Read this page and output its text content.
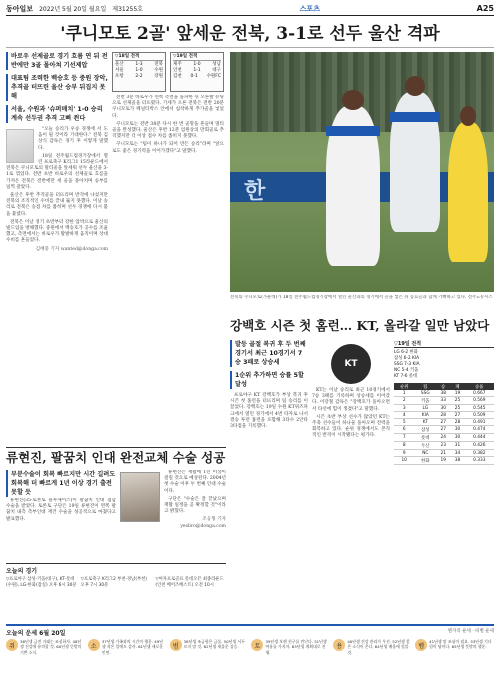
동아일보 2022년 5월 20일 월요일 제31255호	스포츠	A25
'쿠니모토 2골' 앞세운 전북, 3-1로 선두 울산 격파
바로우 선제골로 경기 흐름 연 뒤 전반에만 3골 몰아쳐 기선제압
대표팀 조력한 백승호 등 중원 장악, 추격골 터뜨린 울산 승부 뒤집지 못해
서울, 수원과 '슈퍼매치' 1-0 승리 계속 선두권 추격 고삐 죈다

"오늘 승리가 우승 경쟁에 서 도움이 될 것이라 기대한다." 전북 김상식 감독은 경기 후 이렇게 말했다.

18일 전주월드컵경기장에서 열린 프로축구 K리그1 15라운드에서 전북은 쿠니모토의 멀티골을 앞세워 선두 울산을 3-1로 꺾었다. 전반 초반 바로우의 선제골로 흐름을 가져온 전북은 전반에만 세 골을 몰아치며 승부를 일찍 갈랐다.

울산은 후반 추격골을 터뜨리며 반격에 나섰지만 전북의 조직적인 수비를 끝내 뚫지 못했다. 이날 승리로 전북은 승점 차를 좁히며 선두 경쟁에 다시 불을 붙였다.

전북은 이날 경기 초반부터 강한 압박으로 울산의 빌드업을 방해했다. 중원에서 백승호가 공수를 조율했고, 측면에서는 바로우가 활발하게 움직이며 상대 수비를 흔들었다.

김배중 기자 wanted@donga.com
▽18일 전적
울산	1-3	전북
서울	1-0	수원
포항	2-2	강원
▽19일 전적
제주	1-0	성남
인천	1-1	대구
김천 0-1 수원FC

전반 3분 바로우가 왼쪽 측면을 돌파한 뒤 오른발 슈팅으로 선제골을 터뜨렸다. 기세가 오른 전북은 전반 20분 쿠니모토가 페널티박스 안에서 침착하게 추가골을 넣었다.

쿠니모토는 전반 38분 다시 한 번 골망을 흔들며 멀티골을 완성했다. 울산은 후반 12분 엄원상의 만회골로 추격했지만 더 이상 점수 차를 좁히지 못했다.

쿠니모토는 "팀이 하나가 되어 만든 승리"라며 "앞으로도 좋은 경기력을 이어가겠다"고 말했다.

한
전북의 쿠니모토(가운데)가 18일 전주월드컵경기장에서 열린 울산과의 경기에서 골을 넣은 뒤 동료들과 함께 기뻐하고 있다. 전주=뉴시스
강백호 시즌 첫 홈런… KT, 올라갈 일만 남았다
발등 골절 복귀 후 두 번째 경기서 최근 10경기서 7승 3패로 상승세
1순위 추가하면 승률 5할 달성

프로야구 KT 강백호가 부상 복귀 후 시즌 첫 홈런을 터뜨리며 팀 승리를 이끌었다. 강백호는 19일 수원 KT위즈파크에서 열린 경기에서 4번 타자로 나서 결승 투런 홈런을 포함해 3타수 2안타 3타점을 기록했다.

KT

KT는 이날 승리로 최근 10경기에서 7승 3패를 기록하며 상승세를 이어갔다. 이강철 감독은 "강백호가 돌아오면서 타선에 힘이 생겼다"고 말했다.

시즌 초반 부상 선수가 많았던 KT는 주축 선수들이 하나둘 돌아오며 전력을 회복하고 있다. 순위 경쟁에서도 본격적인 반격이 시작됐다는 평가다.

▽19일 전적
LG 6-2 한화
삼성 6-2 KIA
SSG 7-3 KIA
NC 5-4 키움
KT 7-6 롯데
순위	팀	승	패	승률
1	SSG	38	19	0.667
2	키움	33	25	0.569
3	LG	30	25	0.545
4	KIA	28	27	0.509
5	KT	27	28	0.491
6	삼성	27	30	0.474
7	롯데	24	30	0.444
8	두산	23	31	0.426
9	NC	21	34	0.382
10	한화	19	38	0.333
류현진, 팔꿈치 인대 완전교체 수술 성공
부분수술이 회복 빠르지만 시간 길려도 회복해 더 빠르게 1년 이상 경기 출전 못할 듯

류현진(35·토론토 블루제이스)이 팔꿈치 인대 접합 수술을 받았다. 토론토 구단은 19일 류현진이 왼쪽 팔꿈치 내측 측부인대 재건 수술을 성공적으로 마쳤다고 발표했다.

류현진은 재활에 1년 이상이 걸릴 것으로 예상된다. 2004년 첫 수술 이후 두 번째 인대 수술이다.

구단은 "수술은 잘 끝났으며 재활 일정을 곧 확정할 것"이라고 밝혔다.

조응형 기자 yesbro@donga.com
오늘의 경기
▽프로야구 삼성-키움(대구), KT-롯데(수원), LG-한화(잠실) 오후 6시 30분
▽프로축구 K리그2 부천-경남(부천) 오후 7시 30분
▽여자프로골프 롯데오픈 최종라운드(인천 베어즈베스트) 오전 10시
오늘의 운세 6월 20일	별자리 운세 · 띠별 운세
쥐
36년생 금전 거래는 조심하자. 48년생 건강에 유의할 것. 60년생 뜻밖의 기쁜 소식.
소
37년생 가족과의 시간이 행운. 49년생 작은 일에도 감사. 61년생 새로운 인연.
범
38년생 조급함은 금물. 50년생 서두르지 말 것. 62년생 재물운 상승.	토
39년생 오랜 친구를 만난다. 51년생 여유를 가지자. 63년생 계획대로 진행.
용
40년생 건강 관리가 우선. 52년생 좋은 소식이 온다. 64년생 배움에 힘쓸 것.
뱀
41년생 말 조심이 필요. 53년생 기다림이 답이다. 65년생 뜻밖의 행운.
